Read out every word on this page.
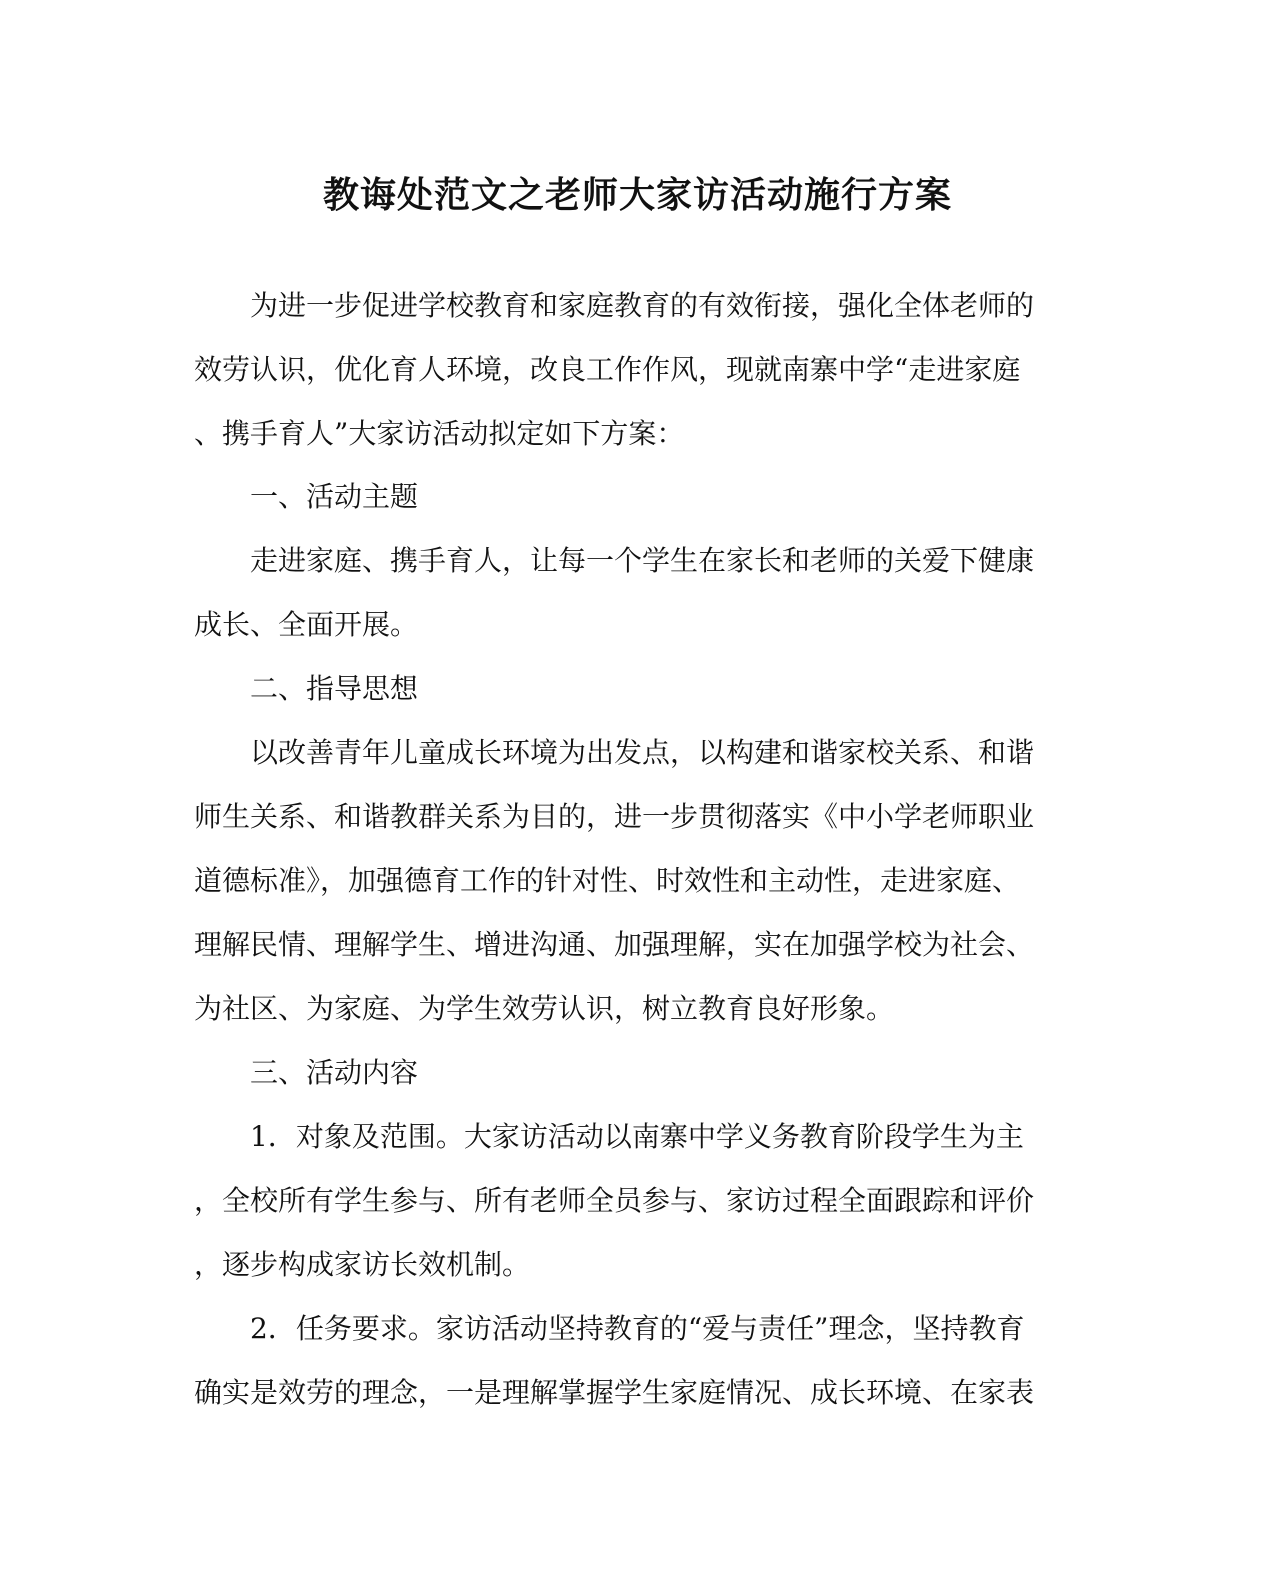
教诲处范文之老师大家访活动施行方案
为进一步促进学校教育和家庭教育的有效衔接，强化全体老师的
效劳认识，优化育人环境，改良工作作风，现就南寨中学“走进家庭
、携手育人”大家访活动拟定如下方案：
一、活动主题
走进家庭、携手育人，让每一个学生在家长和老师的关爱下健康
成长、全面开展。
二、指导思想
以改善青年儿童成长环境为出发点，以构建和谐家校关系、和谐
师生关系、和谐教群关系为目的，进一步贯彻落实《中小学老师职业
道德标准》，加强德育工作的针对性、时效性和主动性，走进家庭、
理解民情、理解学生、增进沟通、加强理解，实在加强学校为社会、
为社区、为家庭、为学生效劳认识，树立教育良好形象。
三、活动内容
1．对象及范围。大家访活动以南寨中学义务教育阶段学生为主
，全校所有学生参与、所有老师全员参与、家访过程全面跟踪和评价
，逐步构成家访长效机制。
2．任务要求。家访活动坚持教育的“爱与责任”理念，坚持教育
确实是效劳的理念，一是理解掌握学生家庭情况、成长环境、在家表
